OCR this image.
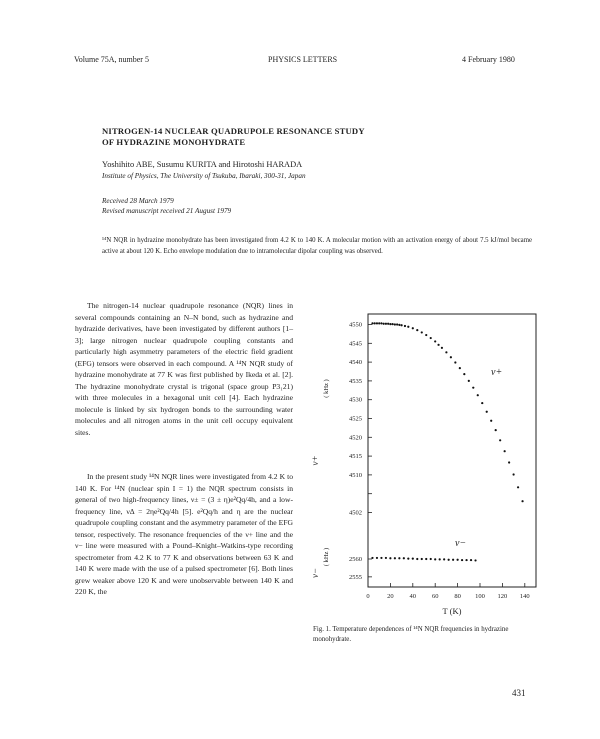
Volume 75A, number 5	PHYSICS LETTERS	4 February 1980
NITROGEN-14 NUCLEAR QUADRUPOLE RESONANCE STUDY
OF HYDRAZINE MONOHYDRATE
Yoshihito ABE, Susumu KURITA and Hirotoshi HARADA
Institute of Physics, The University of Tsukuba, Ibaraki, 300-31, Japan
Received 28 March 1979
Revised manuscript received 21 August 1979
¹⁴N NQR in hydrazine monohydrate has been investigated from 4.2 K to 140 K. A molecular motion with an activation energy of about 7.5 kJ/mol became active at about 120 K. Echo envelope modulation due to intramolecular dipolar coupling was observed.
The nitrogen-14 nuclear quadrupole resonance (NQR) lines in several compounds containing an N–N bond, such as hydrazine and hydrazide derivatives, have been investigated by different authors [1–3]; large nitrogen nuclear quadrupole coupling constants and particularly high asymmetry parameters of the electric field gradient (EFG) tensors were observed in each compound. A ¹⁴N NQR study of hydrazine monohydrate at 77 K was first published by Ikeda et al. [2]. The hydrazine monohydrate crystal is trigonal (space group P3₁21) with three molecules in a hexagonal unit cell [4]. Each hydrazine molecule is linked by six hydrogen bonds to the surrounding water molecules and all nitrogen atoms in the unit cell occupy equivalent sites.
In the present study ¹⁴N NQR lines were investigated from 4.2 K to 140 K. For ¹⁴N (nuclear spin I = 1) the NQR spectrum consists in general of two high-frequency lines, ν± = (3 ± η)e²Qq/4h, and a low-frequency line, νΔ = 2ηe²Qq/4h [5]. e²Qq/h and η are the nuclear quadrupole coupling constant and the asymmetry parameter of the EFG tensor, respectively. The resonance frequencies of the ν+ line and the ν− line were measured with a Pound–Knight–Watkins-type recording spectrometer from 4.2 K to 77 K and observations between 63 K and 140 K were made with the use of a pulsed spectrometer [6]. Both lines grew weaker above 120 K and were unobservable between 140 K and 220 K, the
0	20 40 60 80 100 120 140
T (K)
4502
4510
4515
4520
4525
4530
4535
4540
4545
4550
ν+
( kHz )
2555
2560
ν−
( kHz )
ν+
ν−
Fig. 1. Temperature dependences of ¹⁴N NQR frequencies in hydrazine monohydrate.
431
